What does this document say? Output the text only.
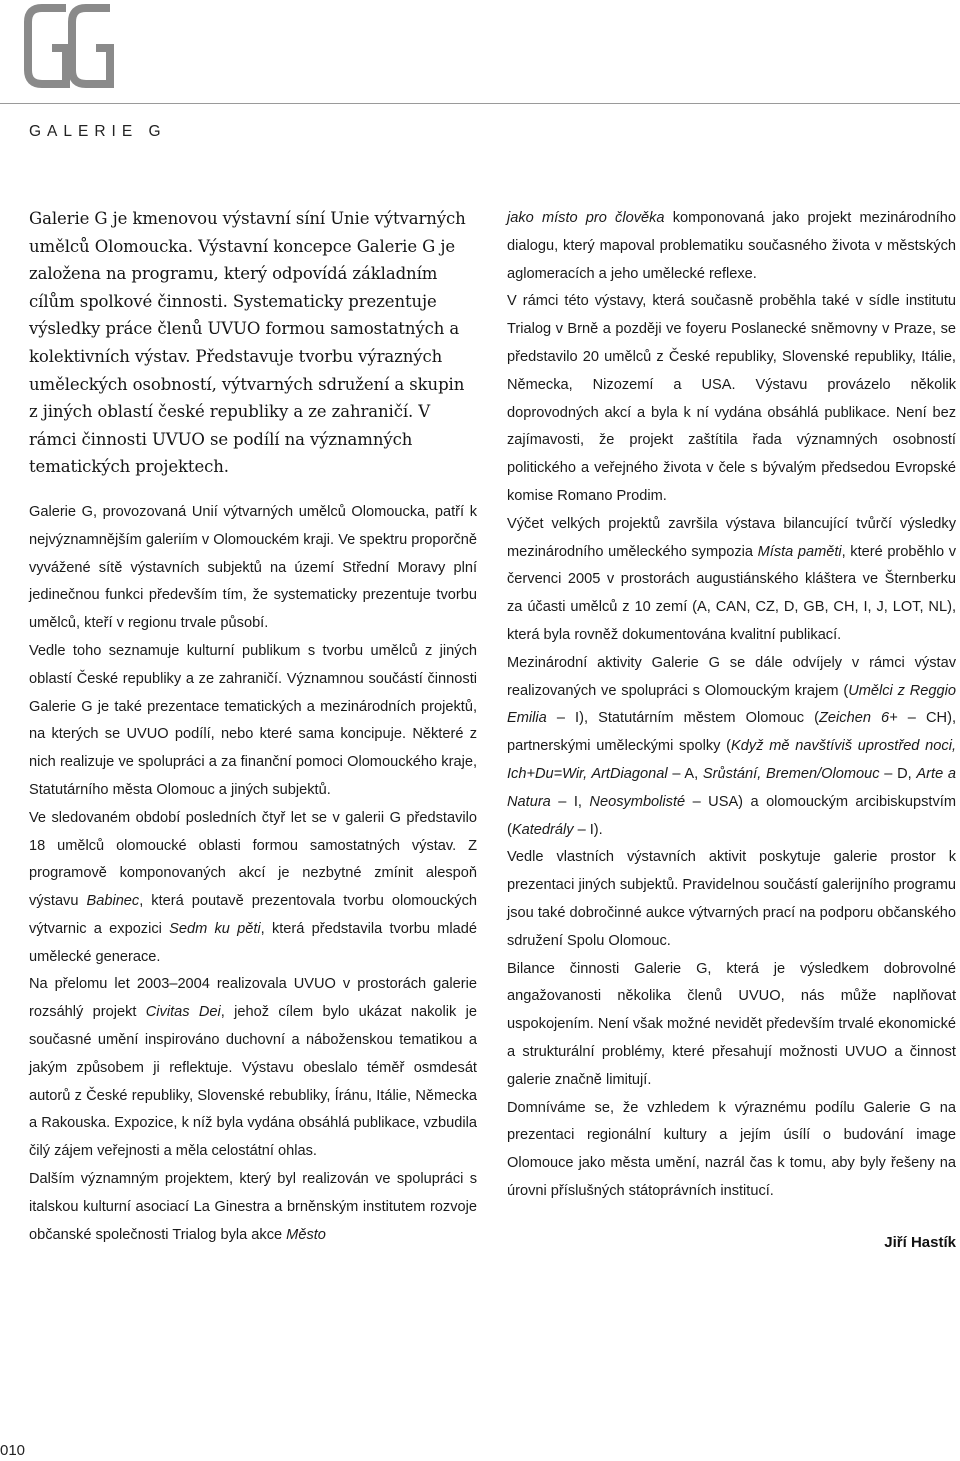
GALERIE G

Galerie G je kmenovou výstavní síní Unie výtvarných umělců Olomoucka. Výstavní koncepce Galerie G je založena na programu, který odpovídá základním cílům spolkové činnosti. Systematicky prezentuje výsledky práce členů UVUO formou samostatných a kolektivních výstav. Představuje tvorbu výrazných uměleckých osobností, výtvarných sdružení a skupin z jiných oblastí české republiky a ze zahraničí. V rámci činnosti UVUO se podílí na významných tematických projektech.

Galerie G, provozovaná Unií výtvarných umělců Olomoucka, patří k nejvýznamnějším galeriím v Olomouckém kraji. Ve spektru proporčně vyvážené sítě výstavních subjektů na území Střední Moravy plní jedinečnou funkci především tím, že systematicky prezentuje tvorbu umělců, kteří v regionu trvale působí.

Vedle toho seznamuje kulturní publikum s tvorbu umělců z jiných oblastí České republiky a ze zahraničí. Významnou součástí činnosti Galerie G je také prezentace tematických a mezinárodních projektů, na kterých se UVUO podílí, nebo které sama koncipuje. Některé z nich realizuje ve spolupráci a za finanční pomoci Olomouckého kraje, Statutárního města Olomouc a jiných subjektů.

Ve sledovaném období posledních čtyř let se v galerii G představilo 18 umělců olomoucké oblasti formou samostatných výstav. Z programově komponovaných akcí je nezbytné zmínit alespoň výstavu Babinec, která poutavě prezentovala tvorbu olomouckých výtvarnic a expozici Sedm ku pěti, která představila tvorbu mladé umělecké generace.

Na přelomu let 2003–2004 realizovala UVUO v prostorách galerie rozsáhlý projekt Civitas Dei, jehož cílem bylo ukázat nakolik je současné umění inspirováno duchovní a náboženskou tematikou a jakým způsobem ji reflektuje. Výstavu obeslalo téměř osmdesát autorů z České republiky, Slovenské rebubliky, Íránu, Itálie, Německa a Rakouska. Expozice, k níž byla vydána obsáhlá publikace, vzbudila čilý zájem veřejnosti a měla celostátní ohlas.

Dalším významným projektem, který byl realizován ve spolupráci s italskou kulturní asociací La Ginestra a brněnským institutem rozvoje občanské společnosti Trialog byla akce Město

jako místo pro člověka komponovaná jako projekt mezinárodního dialogu, který mapoval problematiku současného života v městských aglomeracích a jeho umělecké reflexe.

V rámci této výstavy, která současně proběhla také v sídle institutu Trialog v Brně a později ve foyeru Poslanecké sněmovny v Praze, se představilo 20 umělců z České republiky, Slovenské republiky, Itálie, Německa, Nizozemí a USA. Výstavu provázelo několik doprovodných akcí a byla k ní vydána obsáhlá publikace. Není bez zajímavosti, že projekt zaštítila řada významných osobností politického a veřejného života v čele s bývalým předsedou Evropské komise Romano Prodim.

Výčet velkých projektů završila výstava bilancující tvůrčí výsledky mezinárodního uměleckého sympozia Místa paměti, které proběhlo v červenci 2005 v prostorách augustiánského kláštera ve Šternberku za účasti umělců z 10 zemí (A, CAN, CZ, D, GB, CH, I, J, LOT, NL), která byla rovněž dokumentována kvalitní publikací.

Mezinárodní aktivity Galerie G se dále odvíjely v rámci výstav realizovaných ve spolupráci s Olomouckým krajem (Umělci z Reggio Emilia – I), Statutárním městem Olomouc (Zeichen 6+ – CH), partnerskými uměleckými spolky (Když mě navštíviš uprostřed noci, Ich+Du=Wir, ArtDiagonal – A, Srůstání, Bremen/Olomouc – D, Arte a Natura – I, Neosymbolisté – USA) a olomouckým arcibiskupstvím (Katedrály – I).

Vedle vlastních výstavních aktivit poskytuje galerie prostor k prezentaci jiných subjektů. Pravidelnou součástí galerijního programu jsou také dobročinné aukce výtvarných prací na podporu občanského sdružení Spolu Olomouc.

Bilance činnosti Galerie G, která je výsledkem dobrovolné angažovanosti několika členů UVUO, nás může naplňovat uspokojením. Není však možné nevidět především trvalé ekonomické a strukturální problémy, které přesahují možnosti UVUO a činnost galerie značně limitují.

Domníváme se, že vzhledem k výraznému podílu Galerie G na prezentaci regionální kultury a jejím úsílí o budování image Olomouce jako města umění, nazrál čas k tomu, aby byly řešeny na úrovni příslušných státoprávních institucí.

Jiří Hastík
010
